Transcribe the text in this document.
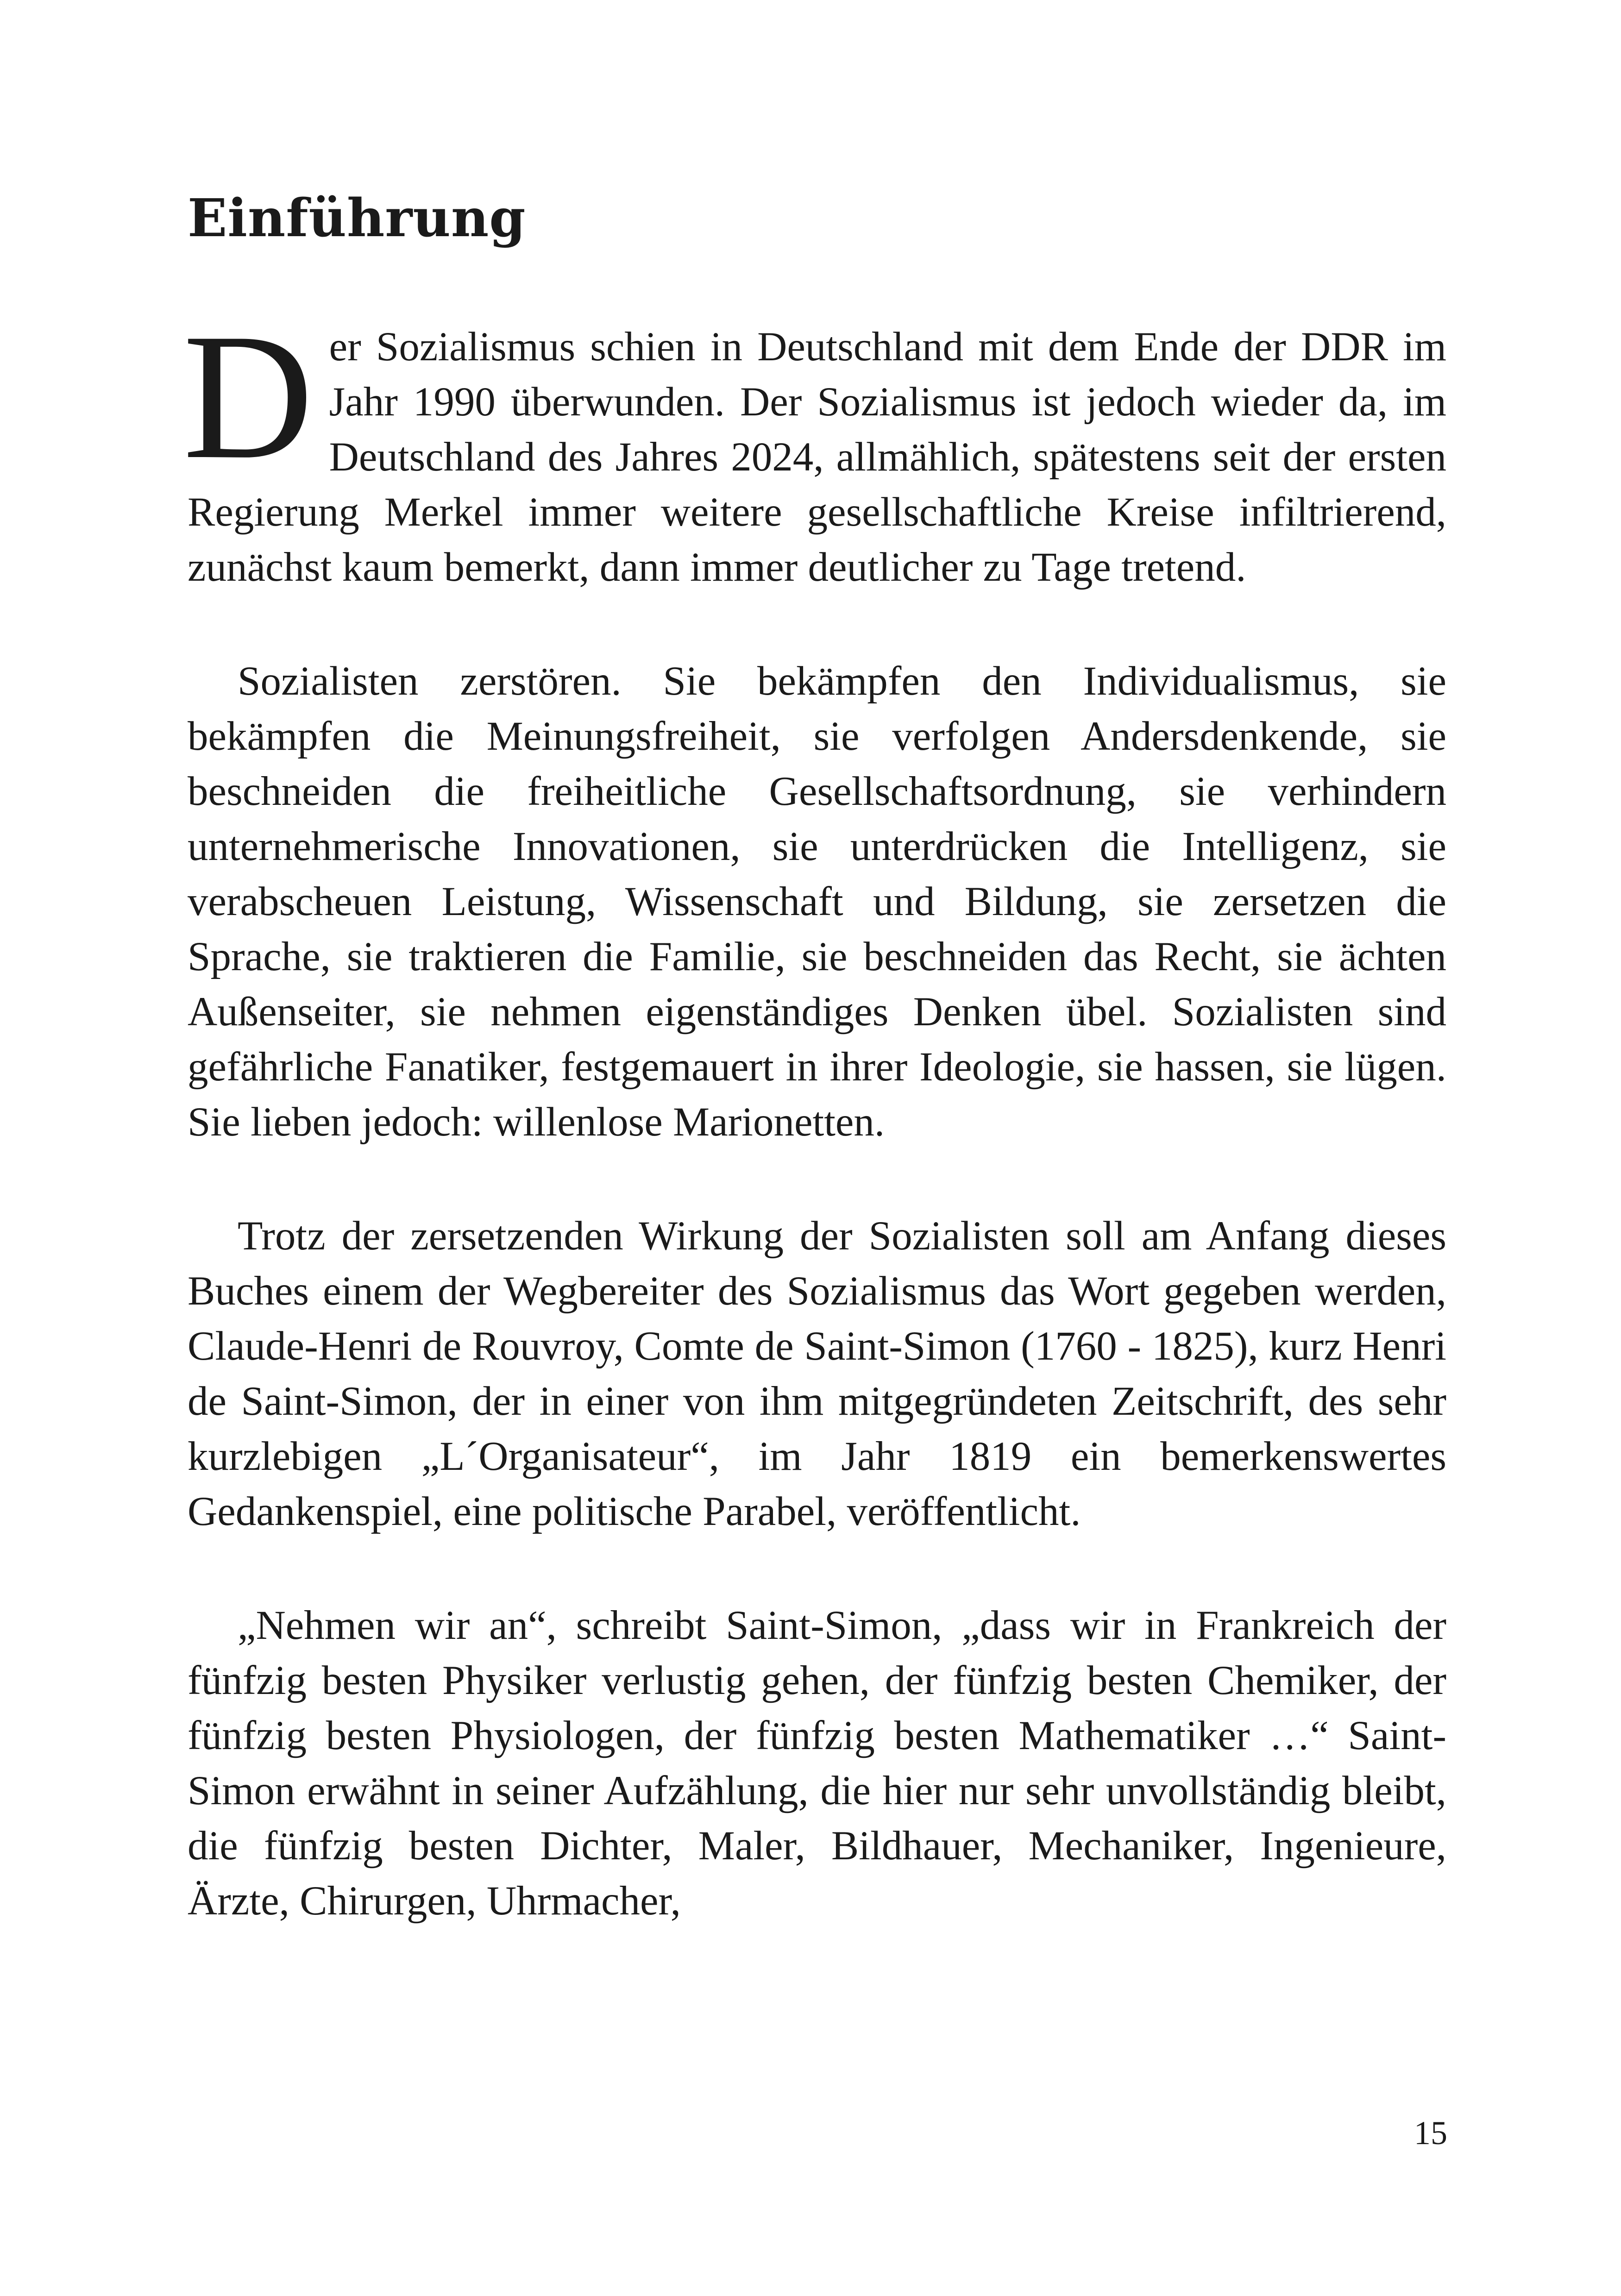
Einführung

Der Sozialismus schien in Deutschland mit dem Ende der DDR im Jahr 1990 überwunden. Der Sozialismus ist jedoch wieder da, im Deutschland des Jahres 2024, allmählich, spätestens seit der ersten Regierung Merkel immer weitere gesellschaftliche Kreise infiltrierend, zunächst kaum bemerkt, dann immer deutlicher zu Tage tretend.

Sozialisten zerstören. Sie bekämpfen den Individualismus, sie bekämpfen die Meinungsfreiheit, sie verfolgen Andersdenkende, sie beschneiden die freiheitliche Gesellschaftsordnung, sie verhindern unternehmerische Innovationen, sie unterdrücken die Intelligenz, sie verabscheuen Leistung, Wissenschaft und Bildung, sie zersetzen die Sprache, sie traktieren die Familie, sie beschneiden das Recht, sie ächten Außenseiter, sie nehmen eigenständiges Denken übel. Sozialisten sind gefährliche Fanatiker, festgemauert in ihrer Ideologie, sie hassen, sie lügen. Sie lieben jedoch: willenlose Marionetten.

Trotz der zersetzenden Wirkung der Sozialisten soll am Anfang dieses Buches einem der Wegbereiter des Sozialismus das Wort gegeben werden, Claude-Henri de Rouvroy, Comte de Saint-Simon (1760 - 1825), kurz Henri de Saint-Simon, der in einer von ihm mitgegründeten Zeitschrift, des sehr kurzlebigen „L´Organisateur“, im Jahr 1819 ein bemerkenswertes Gedankenspiel, eine politische Parabel, veröffentlicht.

„Nehmen wir an“, schreibt Saint-Simon, „dass wir in Frankreich der fünfzig besten Physiker verlustig gehen, der fünfzig besten Chemiker, der fünfzig besten Physiologen, der fünfzig besten Mathematiker …“ Saint-Simon erwähnt in seiner Aufzählung, die hier nur sehr unvollständig bleibt, die fünfzig besten Dichter, Maler, Bildhauer, Mechaniker, Ingenieure, Ärzte, Chirurgen, Uhrmacher,

15
